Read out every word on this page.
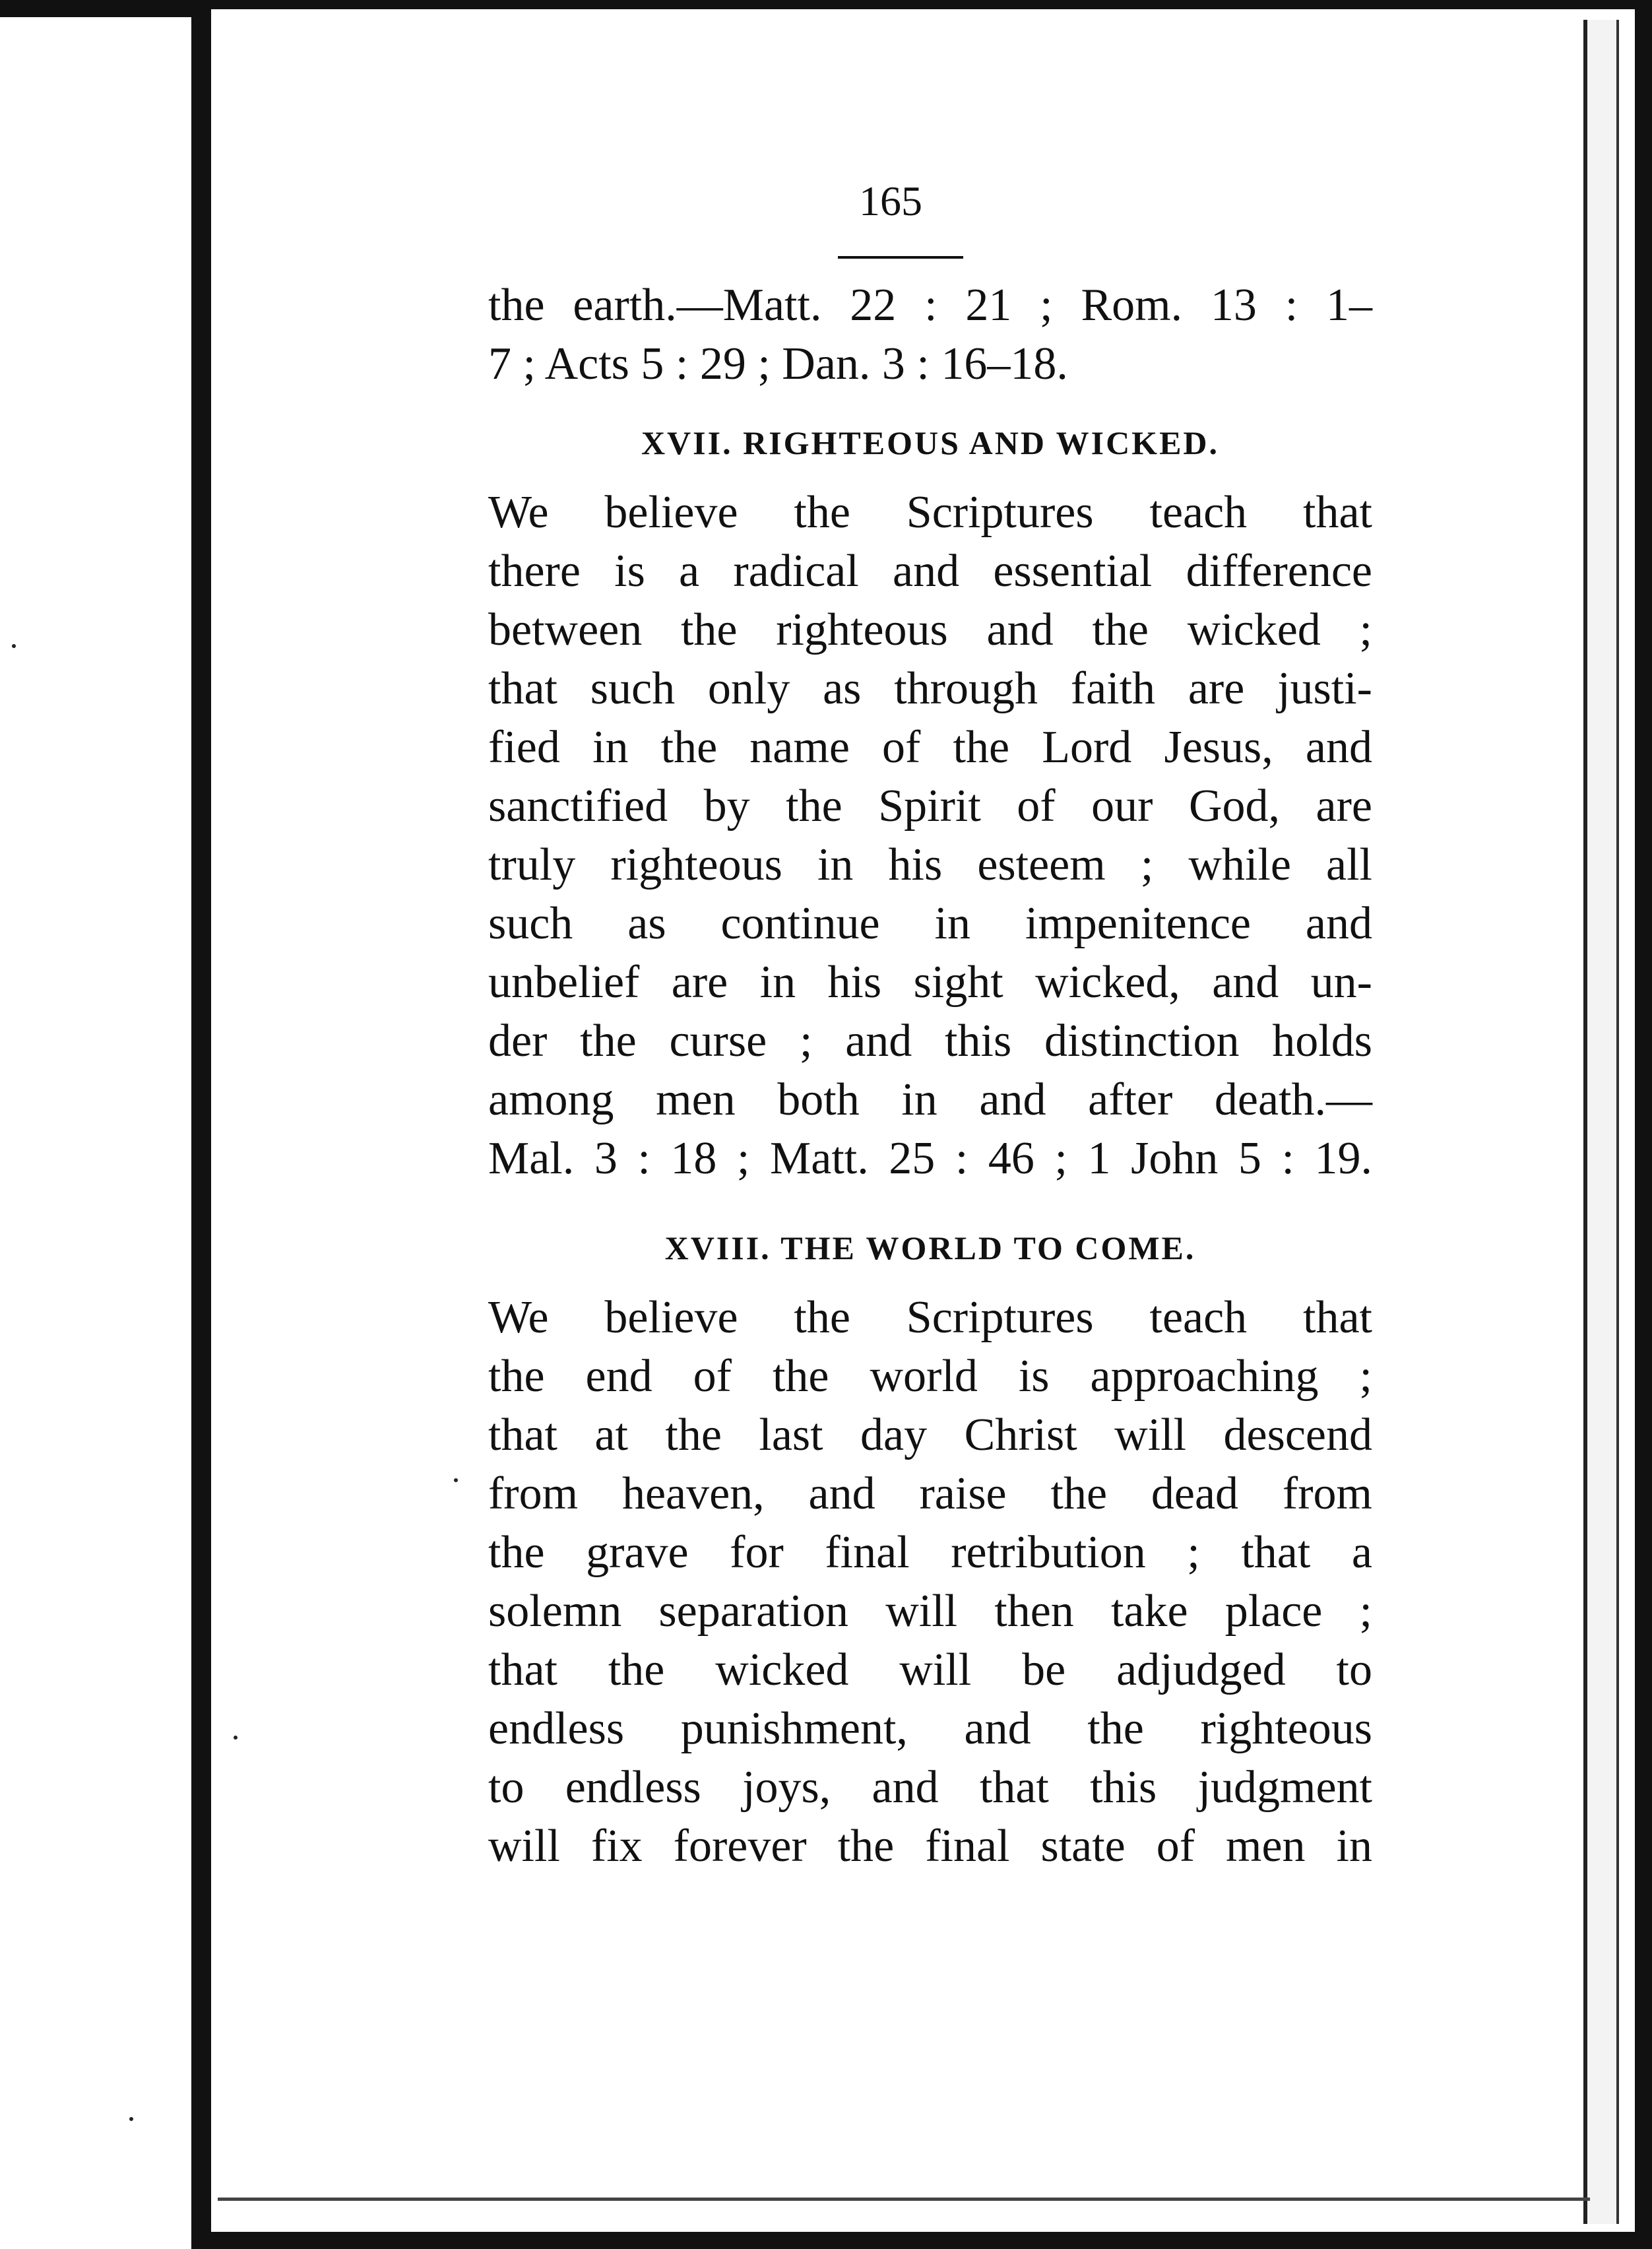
165
the earth.—Matt. 22 : 21 ; Rom. 13 : 1–
7 ; Acts 5 : 29 ; Dan. 3 : 16–18.
XVII. RIGHTEOUS AND WICKED.
We believe the Scriptures teach that
there is a radical and essential difference
between the righteous and the wicked ;
that such only as through faith are justi-
fied in the name of the Lord Jesus, and
sanctified by the Spirit of our God, are
truly righteous in his esteem ; while all
such as continue in impenitence and
unbelief are in his sight wicked, and un-
der the curse ; and this distinction holds
among men both in and after death.—
Mal. 3 : 18 ; Matt. 25 : 46 ; 1 John 5 : 19.
XVIII. THE WORLD TO COME.
We believe the Scriptures teach that
the end of the world is approaching ;
that at the last day Christ will descend
from heaven, and raise the dead from
the grave for final retribution ; that a
solemn separation will then take place ;
that the wicked will be adjudged to
endless punishment, and the righteous
to endless joys, and that this judgment
will fix forever the final state of men in
